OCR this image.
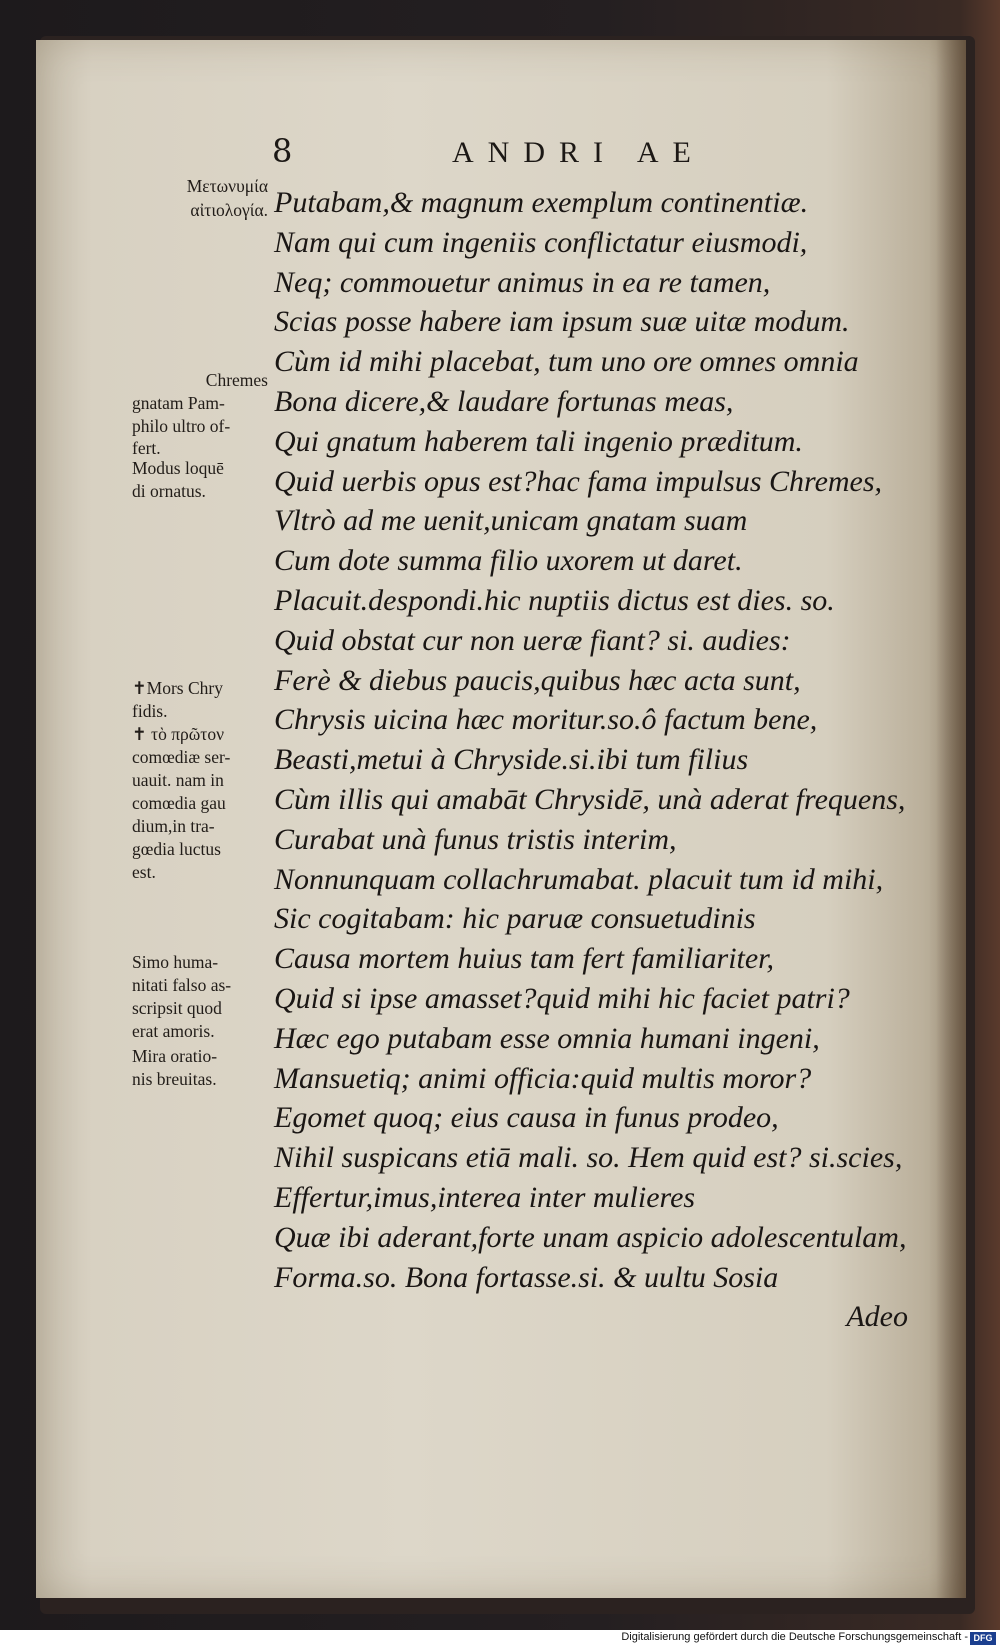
8	ANDRI AE
Μετωνυμία
αἰτιολογία.
Chremes
gnatam Pam-
philo ultro of-
fert.
Modus loquē
di ornatus.
✝Mors Chry
fidis.
✝ τὸ πρῶτον
comœdiæ ser-
uauit. nam in
comœdia gau
dium,in tra-
gœdia luctus
est.
Simo huma-
nitati falso as-
scripsit quod
erat amoris.
Mira oratio-
nis breuitas.
Putabam,& magnum exemplum continentiæ.
Nam qui cum ingeniis conflictatur eiusmodi,
Neq; commouetur animus in ea re tamen,
Scias posse habere iam ipsum suæ uitæ modum.
Cùm id mihi placebat, tum uno ore omnes omnia
Bona dicere,& laudare fortunas meas,
Qui gnatum haberem tali ingenio præditum.
Quid uerbis opus est?hac fama impulsus Chremes,
Vltrò ad me uenit,unicam gnatam suam
Cum dote summa filio uxorem ut daret.
Placuit.despondi.hic nuptiis dictus est dies. so.
Quid obstat cur non ueræ fiant? si. audies:
Ferè & diebus paucis,quibus hæc acta sunt,
Chrysis uicina hæc moritur.so.ô factum bene,
Beasti,metui à Chryside.si.ibi tum filius
Cùm illis qui amabāt Chrysidē, unà aderat frequens,
Curabat unà funus tristis interim,
Nonnunquam collachrumabat. placuit tum id mihi,
Sic cogitabam: hic paruæ consuetudinis
Causa mortem huius tam fert familiariter,
Quid si ipse amasset?quid mihi hic faciet patri?
Hæc ego putabam esse omnia humani ingeni,
Mansuetiq; animi officia:quid multis moror?
Egomet quoq; eius causa in funus prodeo,
Nihil suspicans etiā mali. so. Hem quid est? si.scies,
Effertur,imus,interea inter mulieres
Quæ ibi aderant,forte unam aspicio adolescentulam,
Forma.so. Bona fortasse.si. & uultu Sosia
Adeo
Digitalisierung gefördert durch die Deutsche Forschungsgemeinschaft - DFG
